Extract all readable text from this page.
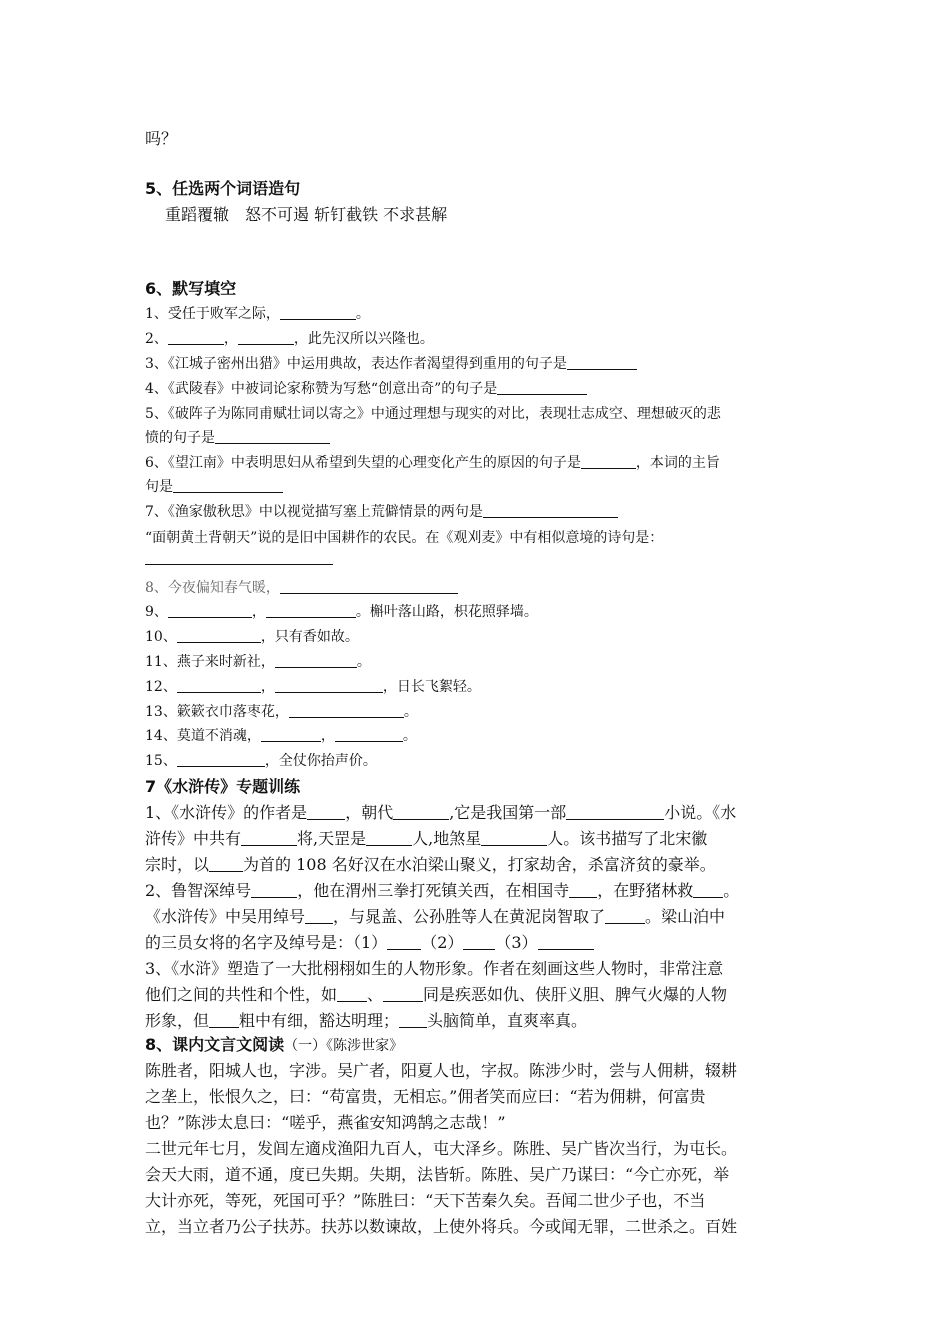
吗？
5、任选两个词语造句
重蹈覆辙　怒不可遏 斩钉截铁 不求甚解
6、默写填空
1、受任于败军之际，	。
2、	，	，此先汉所以兴隆也。
3、《江城子密州出猎》中运用典故，表达作者渴望得到重用的句子是
4、《武陵春》中被词论家称赞为写愁“创意出奇”的句子是
5、《破阵子为陈同甫赋壮词以寄之》中通过理想与现实的对比，表现壮志成空、理想破灭的悲
愤的句子是
6、《望江南》中表明思妇从希望到失望的心理变化产生的原因的句子是	，本词的主旨
句是
7、《渔家傲秋思》中以视觉描写塞上荒僻情景的两句是
“面朝黄土背朝天”说的是旧中国耕作的农民。在《观刈麦》中有相似意境的诗句是：
8、今夜偏知春气暖，
9、	，	。槲叶落山路，枳花照驿墙。
10、	，只有香如故。
11、燕子来时新社，	。
12、	，	，日长飞絮轻。
13、簌簌衣巾落枣花，	。
14、莫道不消魂，	，	。
15、	，全仗你抬声价。
7《水浒传》专题训练
1、《水浒传》的作者是 ，朝代	,它是我国第一部	小说。《水
浒传》中共有	将,天罡是	人,地煞星	人。该书描写了北宋徽
宗时，以 为首的 108 名好汉在水泊梁山聚义，打家劫舍，杀富济贫的豪举。
2、鲁智深绰号	，他在渭州三拳打死镇关西，在相国寺 ，在野猪林救 。
《水浒传》中吴用绰号 ，与晁盖、公孙胜等人在黄泥岗智取了	。梁山泊中
的三员女将的名字及绰号是：（1） （2） （3）
3、《水浒》塑造了一大批栩栩如生的人物形象。作者在刻画这些人物时，非常注意
他们之间的共性和个性，如 、	同是疾恶如仇、侠肝义胆、脾气火爆的人物
形象，但 粗中有细，豁达明理； 头脑简单，直爽率真。
8、课内文言文阅读（一）《陈涉世家》
陈胜者，阳城人也，字涉。吴广者，阳夏人也，字叔。陈涉少时，尝与人佣耕，辍耕
之垄上，怅恨久之，曰：“苟富贵，无相忘。”佣者笑而应曰：“若为佣耕，何富贵
也？”陈涉太息曰：“嗟乎，燕雀安知鸿鹄之志哉！”
二世元年七月，发闾左適戍渔阳九百人，屯大泽乡。陈胜、吴广皆次当行，为屯长。
会天大雨，道不通，度已失期。失期，法皆斩。陈胜、吴广乃谋曰：“今亡亦死，举
大计亦死，等死，死国可乎？”陈胜曰：“天下苦秦久矣。吾闻二世少子也，不当
立，当立者乃公子扶苏。扶苏以数谏故，上使外将兵。今或闻无罪，二世杀之。百姓
